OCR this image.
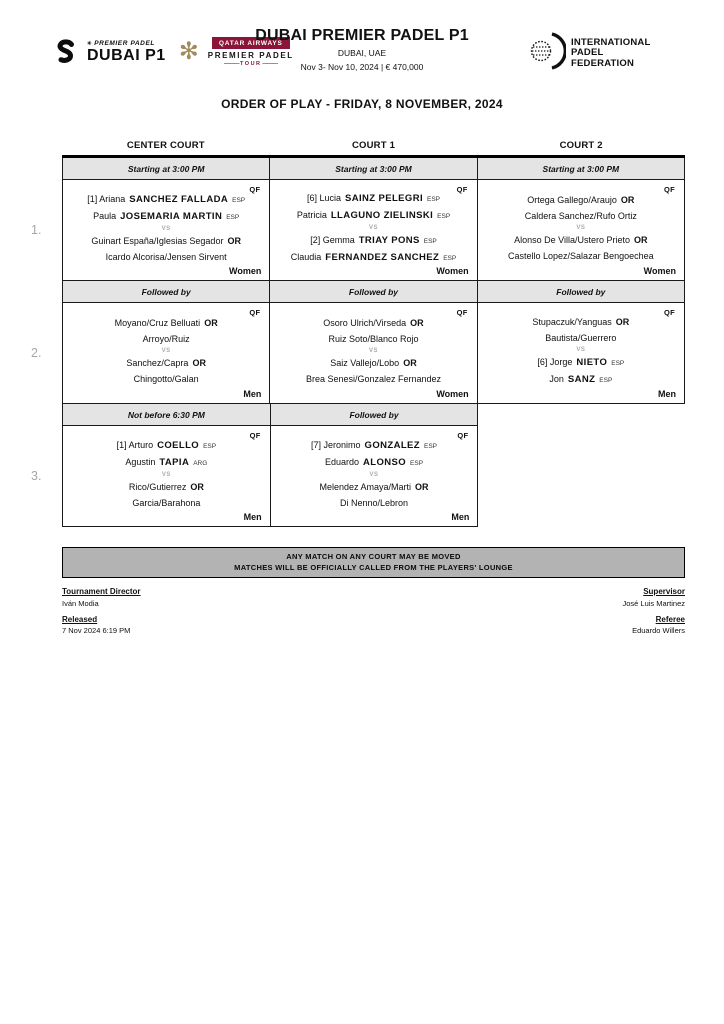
✳ PREMIER PADEL
DUBAI P1 ✻	QATAR AIRWAYS
PREMIER PADEL
——— TOUR ———
DUBAI PREMIER PADEL P1
DUBAI, UAE
Nov 3- Nov 10, 2024 | € 470,000
INTERNATIONAL
PADEL
FEDERATION
ORDER OF PLAY - FRIDAY, 8 NOVEMBER, 2024
CENTER COURT	COURT 1	COURT 2
1.
Starting at 3:00 PM	Starting at 3:00 PM	Starting at 3:00 PM
QF
[1] Ariana SANCHEZ FALLADA ESP
Paula JOSEMARIA MARTIN ESP
VS
Guinart España/Iglesias Segador OR
Icardo Alcorisa/Jensen Sirvent
Women
QF
[6] Lucia SAINZ PELEGRI ESP
Patricia LLAGUNO ZIELINSKI ESP
VS
[2] Gemma TRIAY PONS ESP
Claudia FERNANDEZ SANCHEZ ESP
Women
QF
Ortega Gallego/Araujo OR
Caldera Sanchez/Rufo Ortiz
VS
Alonso De Villa/Ustero Prieto OR
Castello Lopez/Salazar Bengoechea
Women
2.
Followed by	Followed by	Followed by
QF
Moyano/Cruz Belluati OR
Arroyo/Ruiz
VS
Sanchez/Capra OR
Chingotto/Galan
Men
QF
Osoro Ulrich/Virseda OR
Ruiz Soto/Blanco Rojo
VS
Saiz Vallejo/Lobo OR
Brea Senesi/Gonzalez Fernandez
Women
QF
Stupaczuk/Yanguas OR
Bautista/Guerrero
VS
[6] Jorge NIETO ESP
Jon SANZ ESP
Men
3.
Not before 6:30 PM	Followed by
QF
[1] Arturo COELLO ESP
Agustin TAPIA ARG
VS
Rico/Gutierrez OR
Garcia/Barahona
Men
QF
[7] Jeronimo GONZALEZ ESP
Eduardo ALONSO ESP
VS
Melendez Amaya/Marti OR
Di Nenno/Lebron
Men
ANY MATCH ON ANY COURT MAY BE MOVED
MATCHES WILL BE OFFICIALLY CALLED FROM THE PLAYERS' LOUNGE
Tournament Director
Iván Modia
Released
7 Nov 2024 6:19 PM
Supervisor
José Luis Martinez
Referee
Eduardo Willers
